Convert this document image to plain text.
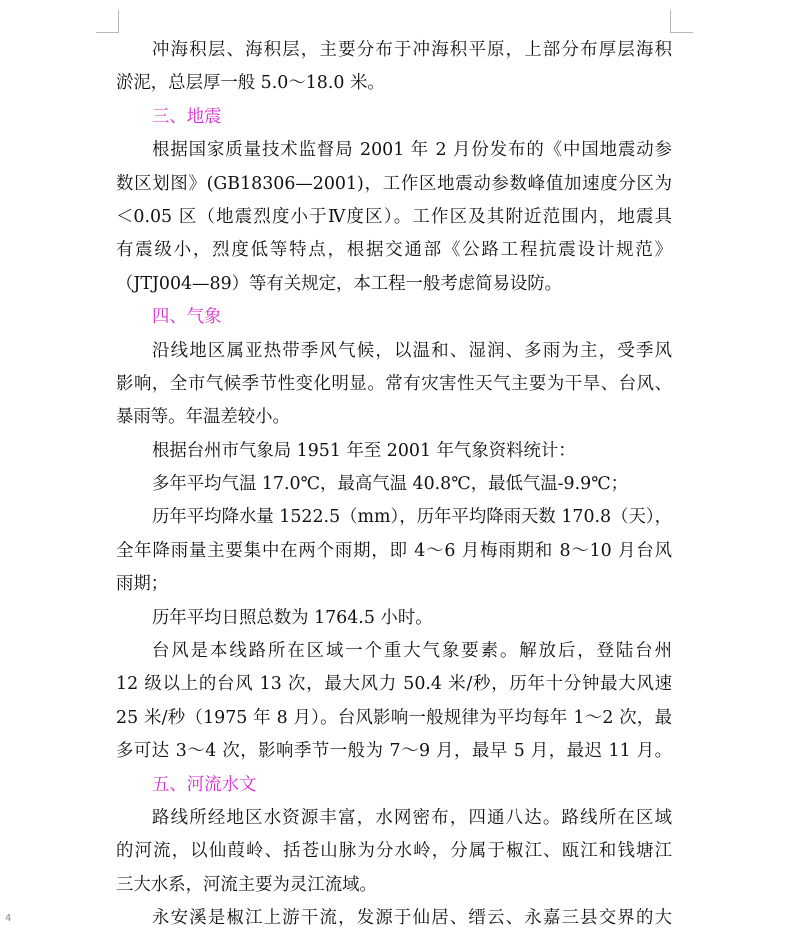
冲海积层、海积层，主要分布于冲海积平原，上部分布厚层海积
淤泥，总层厚一般 5.0～18.0 米。
三、地震
根据国家质量技术监督局 2001 年 2 月份发布的《中国地震动参
数区划图》(GB18306—2001)，工作区地震动参数峰值加速度分区为
＜0.05 区（地震烈度小于Ⅳ度区）。工作区及其附近范围内，地震具
有震级小，烈度低等特点，根据交通部《公路工程抗震设计规范》
（JTJ004—89）等有关规定，本工程一般考虑简易设防。
四、气象
沿线地区属亚热带季风气候，以温和、湿润、多雨为主，受季风
影响，全市气候季节性变化明显。常有灾害性天气主要为干旱、台风、
暴雨等。年温差较小。
根据台州市气象局 1951 年至 2001 年气象资料统计：
多年平均气温 17.0℃，最高气温 40.8℃，最低气温-9.9℃；
历年平均降水量 1522.5（mm），历年平均降雨天数 170.8（天），
全年降雨量主要集中在两个雨期，即 4～6 月梅雨期和 8～10 月台风
雨期；
历年平均日照总数为 1764.5 小时。
台风是本线路所在区域一个重大气象要素。解放后，登陆台州
12 级以上的台风 13 次，最大风力 50.4 米/秒，历年十分钟最大风速
25 米/秒（1975 年 8 月）。台风影响一般规律为平均每年 1～2 次，最
多可达 3～4 次，影响季节一般为 7～9 月，最早 5 月，最迟 11 月。
五、河流水文
路线所经地区水资源丰富，水网密布，四通八达。路线所在区域
的河流，以仙葭岭、括苍山脉为分水岭，分属于椒江、瓯江和钱塘江
三大水系，河流主要为灵江流域。
永安溪是椒江上游干流，发源于仙居、缙云、永嘉三县交界的大
4
